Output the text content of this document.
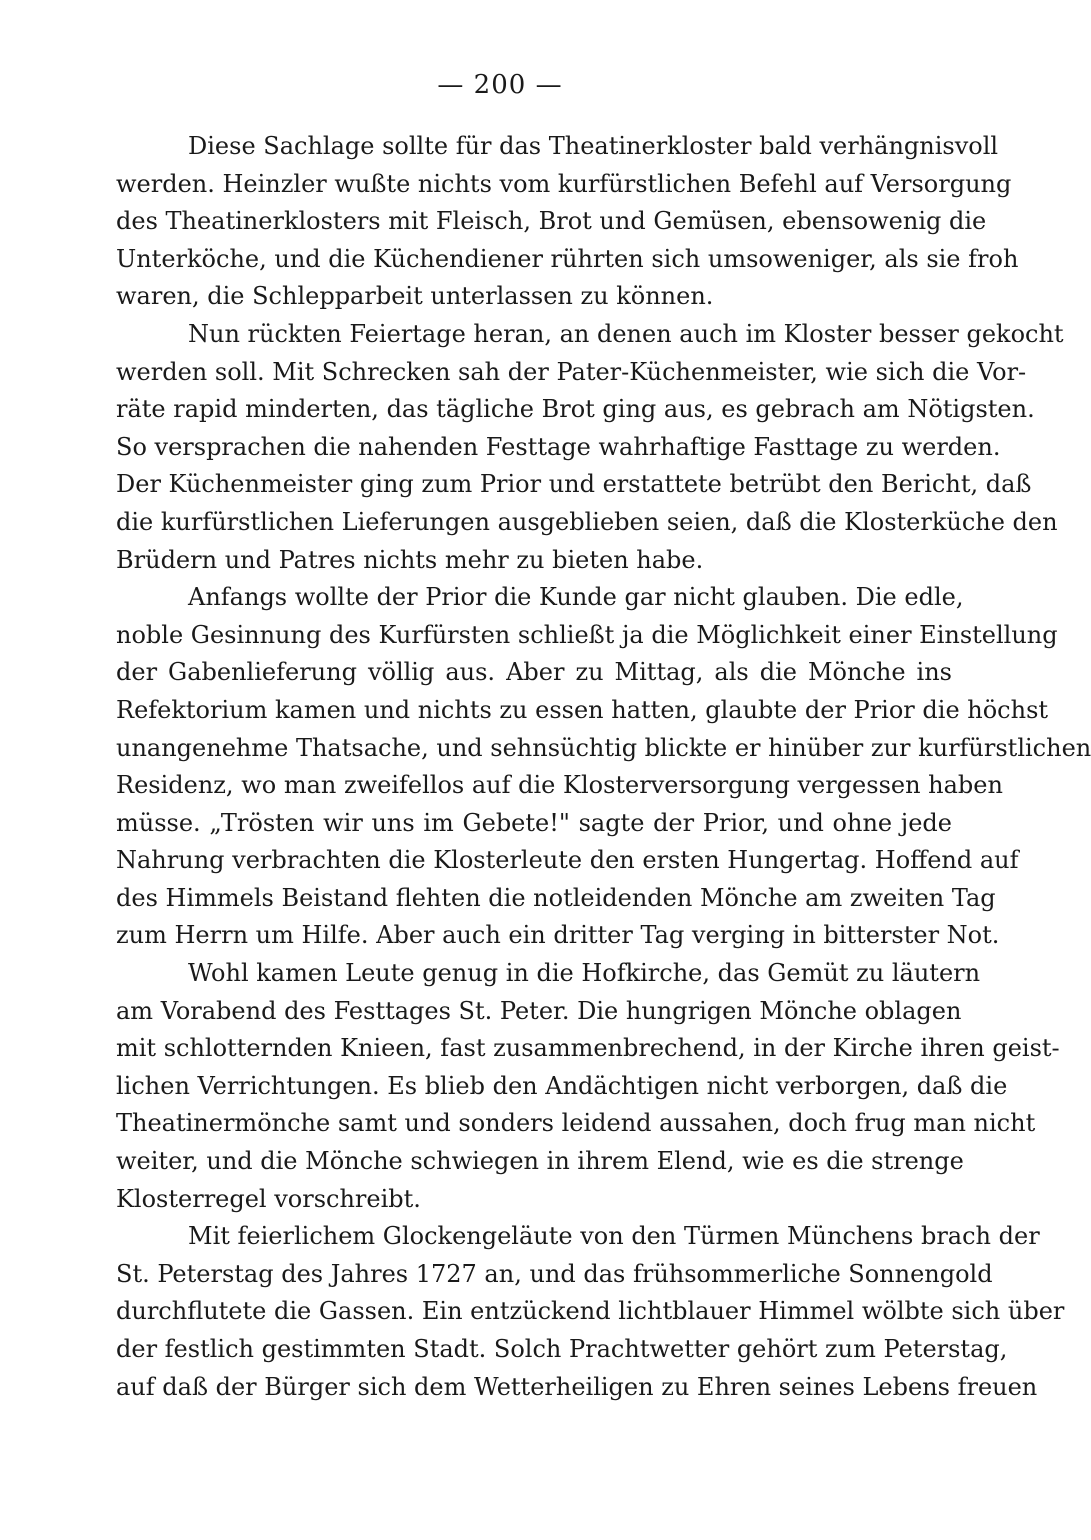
— 200 —
Diese Sachlage sollte für das Theatinerkloster bald verhängnisvoll
werden. Heinzler wußte nichts vom kurfürstlichen Befehl auf Versorgung
des Theatinerklosters mit Fleisch, Brot und Gemüsen, ebensowenig die
Unterköche, und die Küchendiener rührten sich umsoweniger, als sie froh
waren, die Schlepparbeit unterlassen zu können.
Nun rückten Feiertage heran, an denen auch im Kloster besser gekocht
werden soll. Mit Schrecken sah der Pater-Küchenmeister, wie sich die Vor-
räte rapid minderten, das tägliche Brot ging aus, es gebrach am Nötigsten.
So versprachen die nahenden Festtage wahrhaftige Fasttage zu werden.
Der Küchenmeister ging zum Prior und erstattete betrübt den Bericht, daß
die kurfürstlichen Lieferungen ausgeblieben seien, daß die Klosterküche den
Brüdern und Patres nichts mehr zu bieten habe.
Anfangs wollte der Prior die Kunde gar nicht glauben. Die edle,
noble Gesinnung des Kurfürsten schließt ja die Möglichkeit einer Einstellung
der Gabenlieferung völlig aus. Aber zu Mittag, als die Mönche ins
Refektorium kamen und nichts zu essen hatten, glaubte der Prior die höchst
unangenehme Thatsache, und sehnsüchtig blickte er hinüber zur kurfürstlichen
Residenz, wo man zweifellos auf die Klosterversorgung vergessen haben
müsse. „Trösten wir uns im Gebete!" sagte der Prior, und ohne jede
Nahrung verbrachten die Klosterleute den ersten Hungertag. Hoffend auf
des Himmels Beistand flehten die notleidenden Mönche am zweiten Tag
zum Herrn um Hilfe. Aber auch ein dritter Tag verging in bitterster Not.
Wohl kamen Leute genug in die Hofkirche, das Gemüt zu läutern
am Vorabend des Festtages St. Peter. Die hungrigen Mönche oblagen
mit schlotternden Knieen, fast zusammenbrechend, in der Kirche ihren geist-
lichen Verrichtungen. Es blieb den Andächtigen nicht verborgen, daß die
Theatinermönche samt und sonders leidend aussahen, doch frug man nicht
weiter, und die Mönche schwiegen in ihrem Elend, wie es die strenge
Klosterregel vorschreibt.
Mit feierlichem Glockengeläute von den Türmen Münchens brach der
St. Peterstag des Jahres 1727 an, und das frühsommerliche Sonnengold
durchflutete die Gassen. Ein entzückend lichtblauer Himmel wölbte sich über
der festlich gestimmten Stadt. Solch Prachtwetter gehört zum Peterstag,
auf daß der Bürger sich dem Wetterheiligen zu Ehren seines Lebens freuen
